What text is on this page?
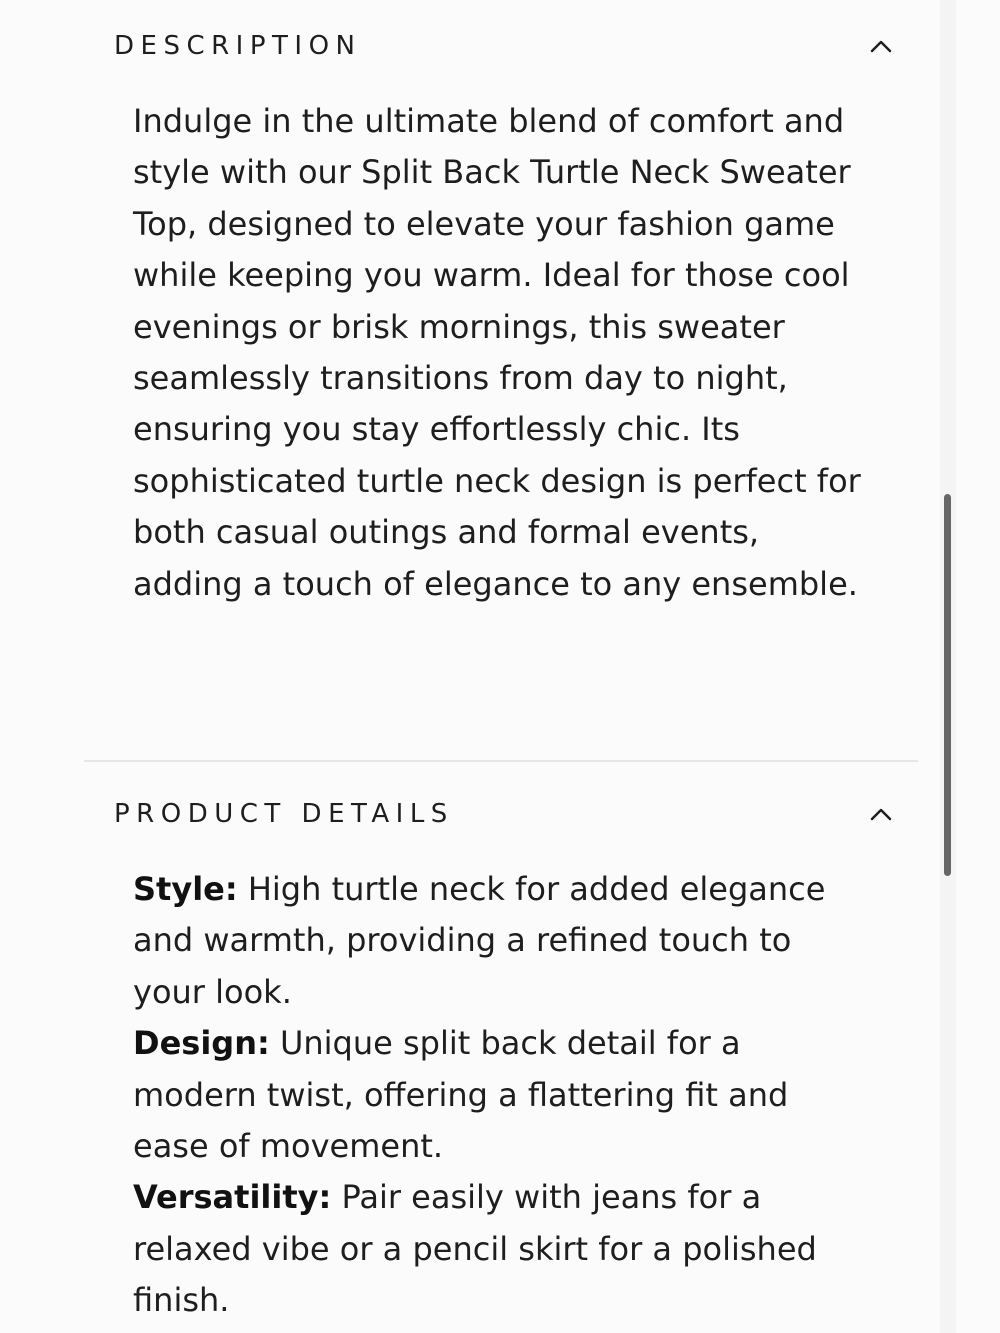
DESCRIPTION

Indulge in the ultimate blend of comfort and style with our Split Back Turtle Neck Sweater Top, designed to elevate your fashion game while keeping you warm. Ideal for those cool evenings or brisk mornings, this sweater seamlessly transitions from day to night, ensuring you stay effortlessly chic. Its sophisticated turtle neck design is perfect for both casual outings and formal events, adding a touch of elegance to any ensemble.

PRODUCT DETAILS
Style: High turtle neck for added elegance and warmth, providing a refined touch to your look.
Design: Unique split back detail for a modern twist, offering a flattering fit and ease of movement.
Versatility: Pair easily with jeans for a relaxed vibe or a pencil skirt for a polished finish.
